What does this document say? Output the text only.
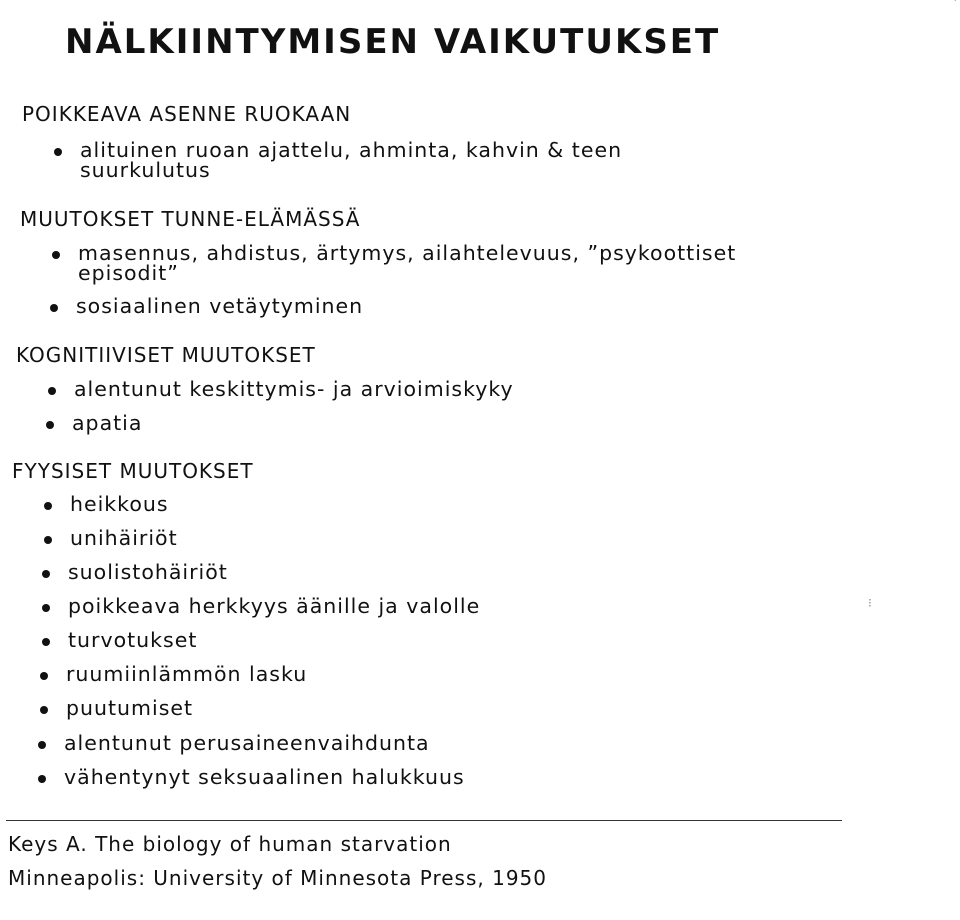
NÄLKIINTYMISEN VAIKUTUKSET
POIKKEAVA ASENNE RUOKAAN
alituinen ruoan ajattelu, ahminta, kahvin & teen
suurkulutus
MUUTOKSET TUNNE-ELÄMÄSSÄ
masennus, ahdistus, ärtymys, ailahtelevuus, ”psykoottiset
episodit”
sosiaalinen vetäytyminen
KOGNITIIVISET MUUTOKSET
alentunut keskittymis- ja arvioimiskyky
apatia
FYYSISET MUUTOKSET
heikkous
unihäiriöt
suolistohäiriöt
poikkeava herkkyys äänille ja valolle
turvotukset
ruumiinlämmön lasku
puutumiset
alentunut perusaineenvaihdunta
vähentynyt seksuaalinen halukkuus
Keys A. The biology of human starvation
Minneapolis: University of Minnesota Press, 1950
⁝
